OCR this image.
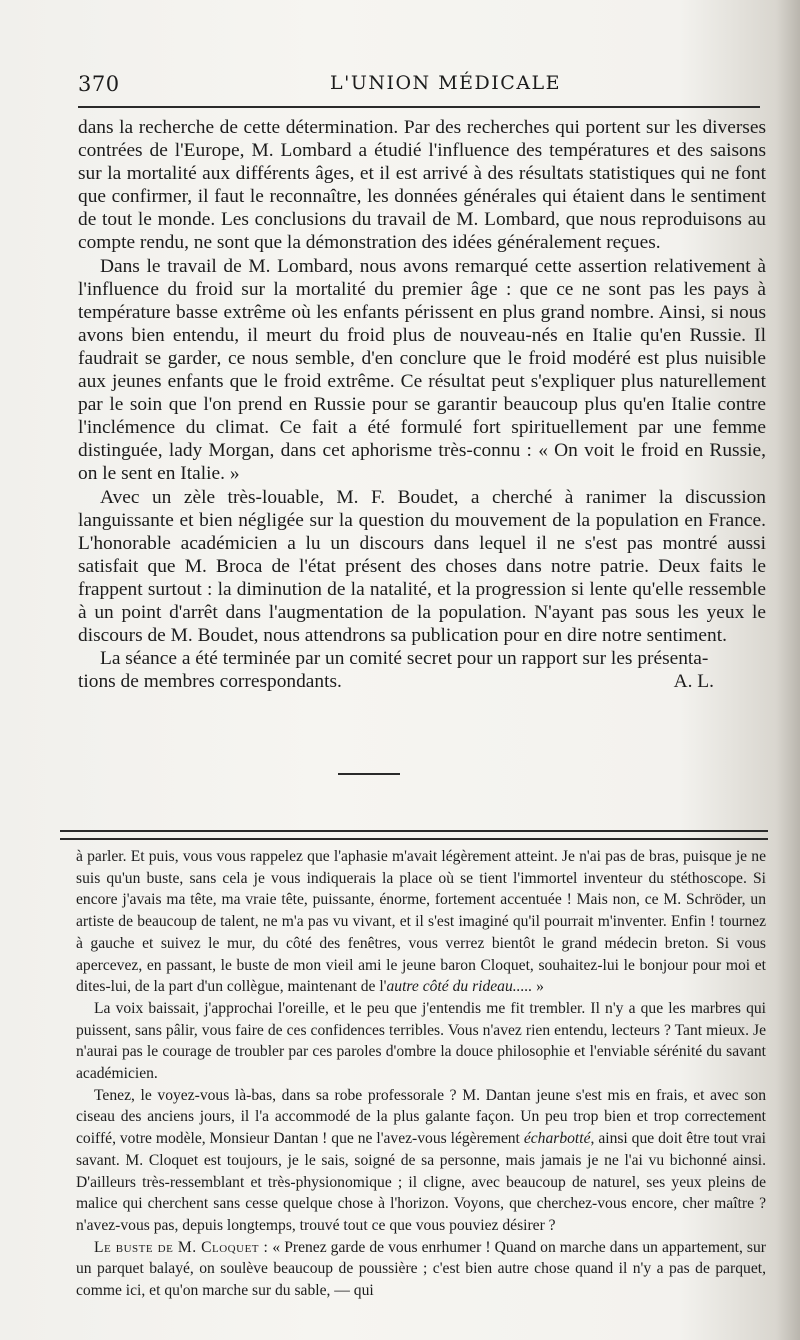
370	L'UNION MÉDICALE

dans la recherche de cette détermination. Par des recherches qui portent sur les diverses contrées de l'Europe, M. Lombard a étudié l'influence des températures et des saisons sur la mortalité aux différents âges, et il est arrivé à des résultats statistiques qui ne font que confirmer, il faut le reconnaître, les données générales qui étaient dans le sentiment de tout le monde. Les conclusions du travail de M. Lombard, que nous reproduisons au compte rendu, ne sont que la démonstration des idées généralement reçues.

Dans le travail de M. Lombard, nous avons remarqué cette assertion relativement à l'influence du froid sur la mortalité du premier âge : que ce ne sont pas les pays à température basse extrême où les enfants périssent en plus grand nombre. Ainsi, si nous avons bien entendu, il meurt du froid plus de nouveau-nés en Italie qu'en Russie. Il faudrait se garder, ce nous semble, d'en conclure que le froid modéré est plus nuisible aux jeunes enfants que le froid extrême. Ce résultat peut s'expliquer plus naturellement par le soin que l'on prend en Russie pour se garantir beaucoup plus qu'en Italie contre l'inclémence du climat. Ce fait a été formulé fort spirituellement par une femme distinguée, lady Morgan, dans cet aphorisme très-connu : « On voit le froid en Russie, on le sent en Italie. »

Avec un zèle très-louable, M. F. Boudet, a cherché à ranimer la discussion languissante et bien négligée sur la question du mouvement de la population en France. L'honorable académicien a lu un discours dans lequel il ne s'est pas montré aussi satisfait que M. Broca de l'état présent des choses dans notre patrie. Deux faits le frappent surtout : la diminution de la natalité, et la progression si lente qu'elle ressemble à un point d'arrêt dans l'augmentation de la population. N'ayant pas sous les yeux le discours de M. Boudet, nous attendrons sa publication pour en dire notre sentiment.

La séance a été terminée par un comité secret pour un rapport sur les présenta-

tions de membres correspondants.	A. L.

à parler. Et puis, vous vous rappelez que l'aphasie m'avait légèrement atteint. Je n'ai pas de bras, puisque je ne suis qu'un buste, sans cela je vous indiquerais la place où se tient l'immortel inventeur du stéthoscope. Si encore j'avais ma tête, ma vraie tête, puissante, énorme, fortement accentuée ! Mais non, ce M. Schröder, un artiste de beaucoup de talent, ne m'a pas vu vivant, et il s'est imaginé qu'il pourrait m'inventer. Enfin ! tournez à gauche et suivez le mur, du côté des fenêtres, vous verrez bientôt le grand médecin breton. Si vous apercevez, en passant, le buste de mon vieil ami le jeune baron Cloquet, souhaitez-lui le bonjour pour moi et dites-lui, de la part d'un collègue, maintenant de l'autre côté du rideau..... »

La voix baissait, j'approchai l'oreille, et le peu que j'entendis me fit trembler. Il n'y a que les marbres qui puissent, sans pâlir, vous faire de ces confidences terribles. Vous n'avez rien entendu, lecteurs ? Tant mieux. Je n'aurai pas le courage de troubler par ces paroles d'ombre la douce philosophie et l'enviable sérénité du savant académicien.

Tenez, le voyez-vous là-bas, dans sa robe professorale ? M. Dantan jeune s'est mis en frais, et avec son ciseau des anciens jours, il l'a accommodé de la plus galante façon. Un peu trop bien et trop correctement coiffé, votre modèle, Monsieur Dantan ! que ne l'avez-vous légèrement écharbotté, ainsi que doit être tout vrai savant. M. Cloquet est toujours, je le sais, soigné de sa personne, mais jamais je ne l'ai vu bichonné ainsi. D'ailleurs très-ressemblant et très-physionomique ; il cligne, avec beaucoup de naturel, ses yeux pleins de malice qui cherchent sans cesse quelque chose à l'horizon. Voyons, que cherchez-vous encore, cher maître ? n'avez-vous pas, depuis longtemps, trouvé tout ce que vous pouviez désirer ?

Le buste de M. Cloquet : « Prenez garde de vous enrhumer ! Quand on marche dans un appartement, sur un parquet balayé, on soulève beaucoup de poussière ; c'est bien autre chose quand il n'y a pas de parquet, comme ici, et qu'on marche sur du sable, — qui
